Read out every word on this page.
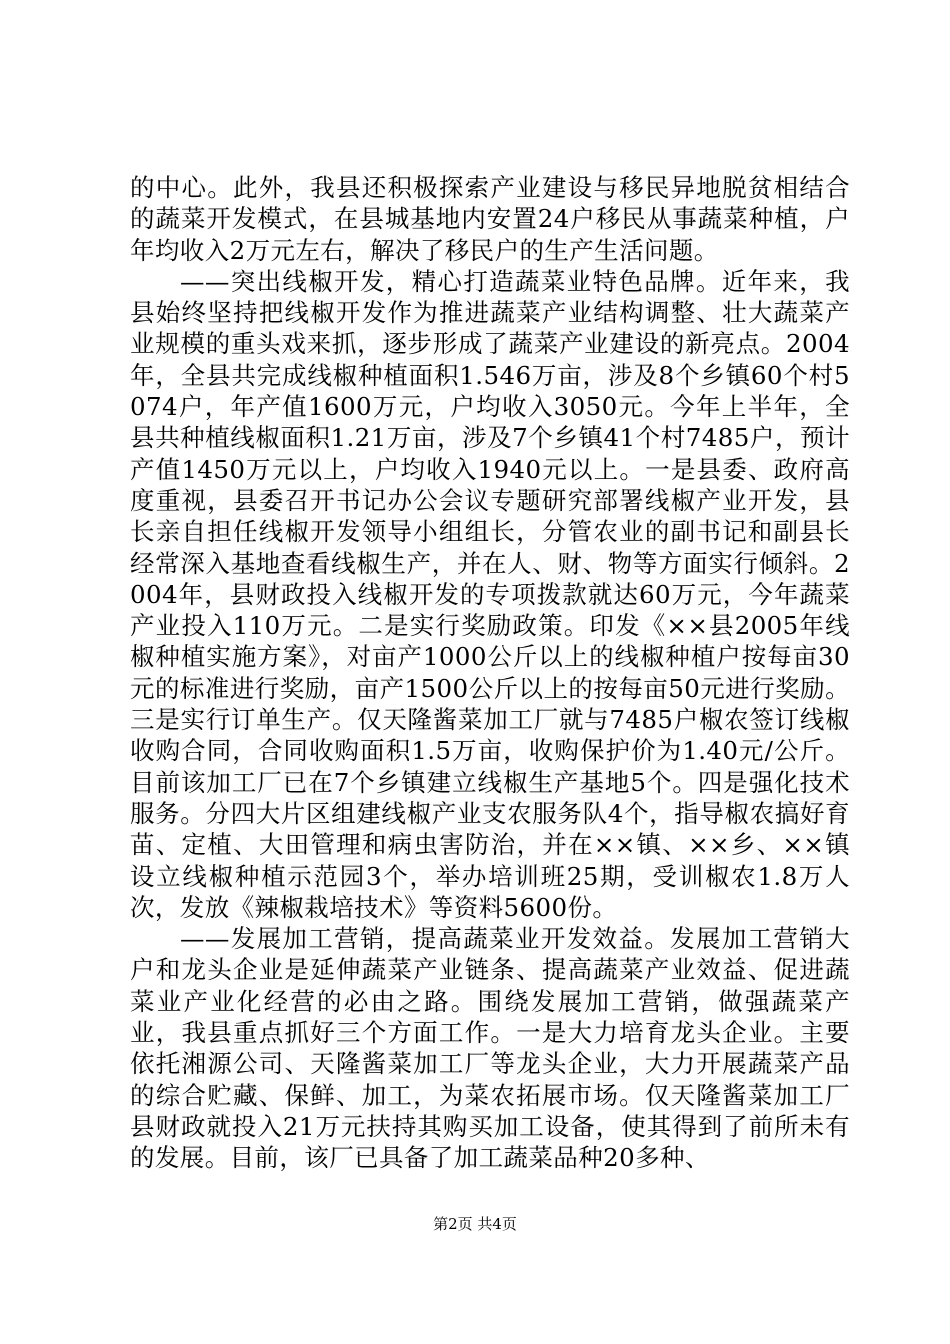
的中心。此外，我县还积极探索产业建设与移民异地脱贫相结合的蔬菜开发模式，在县城基地内安置24户移民从事蔬菜种植，户年均收入2万元左右，解决了移民户的生产生活问题。

——突出线椒开发，精心打造蔬菜业特色品牌。近年来，我县始终坚持把线椒开发作为推进蔬菜产业结构调整、壮大蔬菜产业规模的重头戏来抓，逐步形成了蔬菜产业建设的新亮点。2004年，全县共完成线椒种植面积1.546万亩，涉及8个乡镇60个村5074户，年产值1600万元，户均收入3050元。今年上半年，全县共种植线椒面积1.21万亩，涉及7个乡镇41个村7485户，预计产值1450万元以上，户均收入1940元以上。一是县委、政府高度重视，县委召开书记办公会议专题研究部署线椒产业开发，县长亲自担任线椒开发领导小组组长，分管农业的副书记和副县长经常深入基地查看线椒生产，并在人、财、物等方面实行倾斜。2004年，县财政投入线椒开发的专项拨款就达60万元，今年蔬菜产业投入110万元。二是实行奖励政策。印发《××县2005年线椒种植实施方案》，对亩产1000公斤以上的线椒种植户按每亩30元的标准进行奖励，亩产1500公斤以上的按每亩50元进行奖励。三是实行订单生产。仅天隆酱菜加工厂就与7485户椒农签订线椒收购合同，合同收购面积1.5万亩，收购保护价为1.40元/公斤。目前该加工厂已在7个乡镇建立线椒生产基地5个。四是强化技术服务。分四大片区组建线椒产业支农服务队4个，指导椒农搞好育苗、定植、大田管理和病虫害防治，并在××镇、××乡、××镇设立线椒种植示范园3个，举办培训班25期，受训椒农1.8万人次，发放《辣椒栽培技术》等资料5600份。

——发展加工营销，提高蔬菜业开发效益。发展加工营销大户和龙头企业是延伸蔬菜产业链条、提高蔬菜产业效益、促进蔬菜业产业化经营的必由之路。围绕发展加工营销，做强蔬菜产业，我县重点抓好三个方面工作。一是大力培育龙头企业。主要依托湘源公司、天隆酱菜加工厂等龙头企业，大力开展蔬菜产品的综合贮藏、保鲜、加工，为菜农拓展市场。仅天隆酱菜加工厂县财政就投入21万元扶持其购买加工设备，使其得到了前所未有的发展。目前，该厂已具备了加工蔬菜品种20多种、

第2页 共4页
